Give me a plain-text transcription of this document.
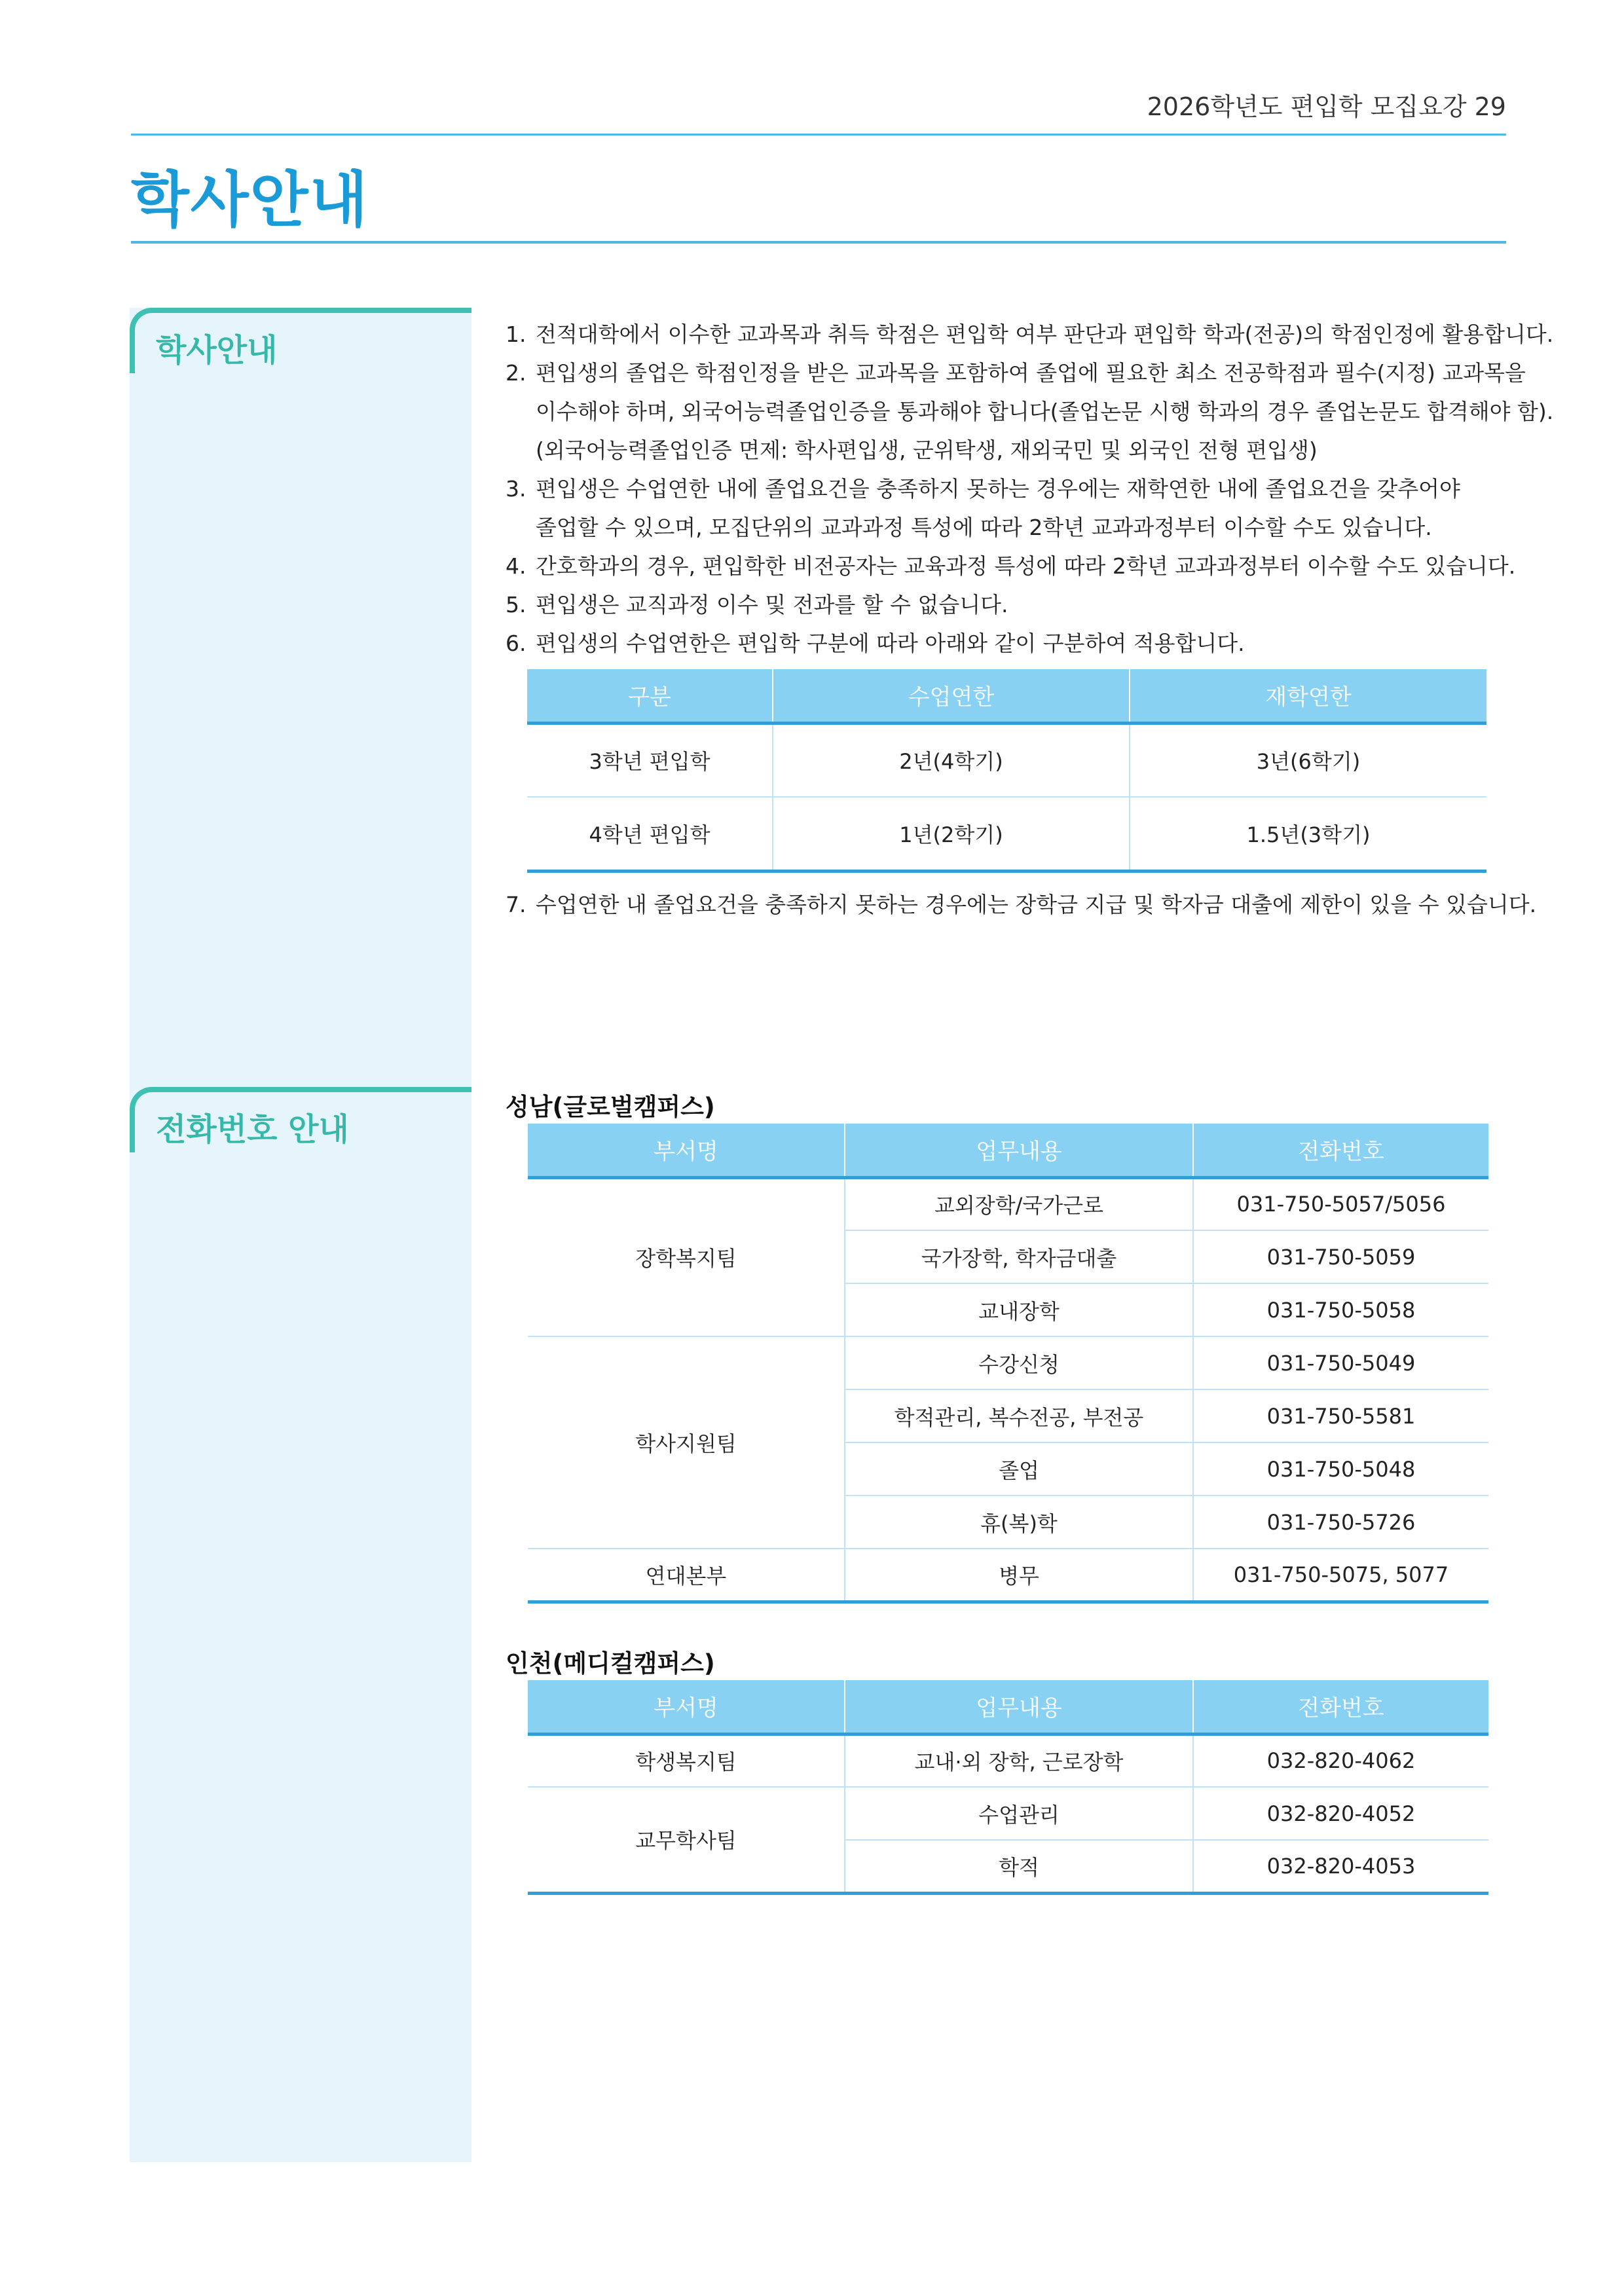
2026학년도 편입학 모집요강 29
학사안내
학사안내
전화번호 안내
1. 전적대학에서 이수한 교과목과 취득 학점은 편입학 여부 판단과 편입학 학과(전공)의 학점인정에 활용합니다.
2. 편입생의 졸업은 학점인정을 받은 교과목을 포함하여 졸업에 필요한 최소 전공학점과 필수(지정) 교과목을
이수해야 하며, 외국어능력졸업인증을 통과해야 합니다(졸업논문 시행 학과의 경우 졸업논문도 합격해야 함).
(외국어능력졸업인증 면제: 학사편입생, 군위탁생, 재외국민 및 외국인 전형 편입생)
3. 편입생은 수업연한 내에 졸업요건을 충족하지 못하는 경우에는 재학연한 내에 졸업요건을 갖추어야
졸업할 수 있으며, 모집단위의 교과과정 특성에 따라 2학년 교과과정부터 이수할 수도 있습니다.
4. 간호학과의 경우, 편입학한 비전공자는 교육과정 특성에 따라 2학년 교과과정부터 이수할 수도 있습니다.
5. 편입생은 교직과정 이수 및 전과를 할 수 없습니다.
6. 편입생의 수업연한은 편입학 구분에 따라 아래와 같이 구분하여 적용합니다.
구분	수업연한	재학연한
3학년 편입학	2년(4학기)	3년(6학기)
4학년 편입학	1년(2학기)	1.5년(3학기)
7. 수업연한 내 졸업요건을 충족하지 못하는 경우에는 장학금 지급 및 학자금 대출에 제한이 있을 수 있습니다.
성남(글로벌캠퍼스)
부서명	업무내용	전화번호
장학복지팀	교외장학/국가근로	031-750-5057/5056
	국가장학, 학자금대출	031-750-5059
	교내장학	031-750-5058
학사지원팀	수강신청	031-750-5049
	학적관리, 복수전공, 부전공	031-750-5581
	졸업	031-750-5048
	휴(복)학	031-750-5726
연대본부	병무	031-750-5075, 5077
인천(메디컬캠퍼스)
부서명	업무내용	전화번호
학생복지팀	교내·외 장학, 근로장학	032-820-4062
교무학사팀	수업관리	032-820-4052
	학적	032-820-4053
